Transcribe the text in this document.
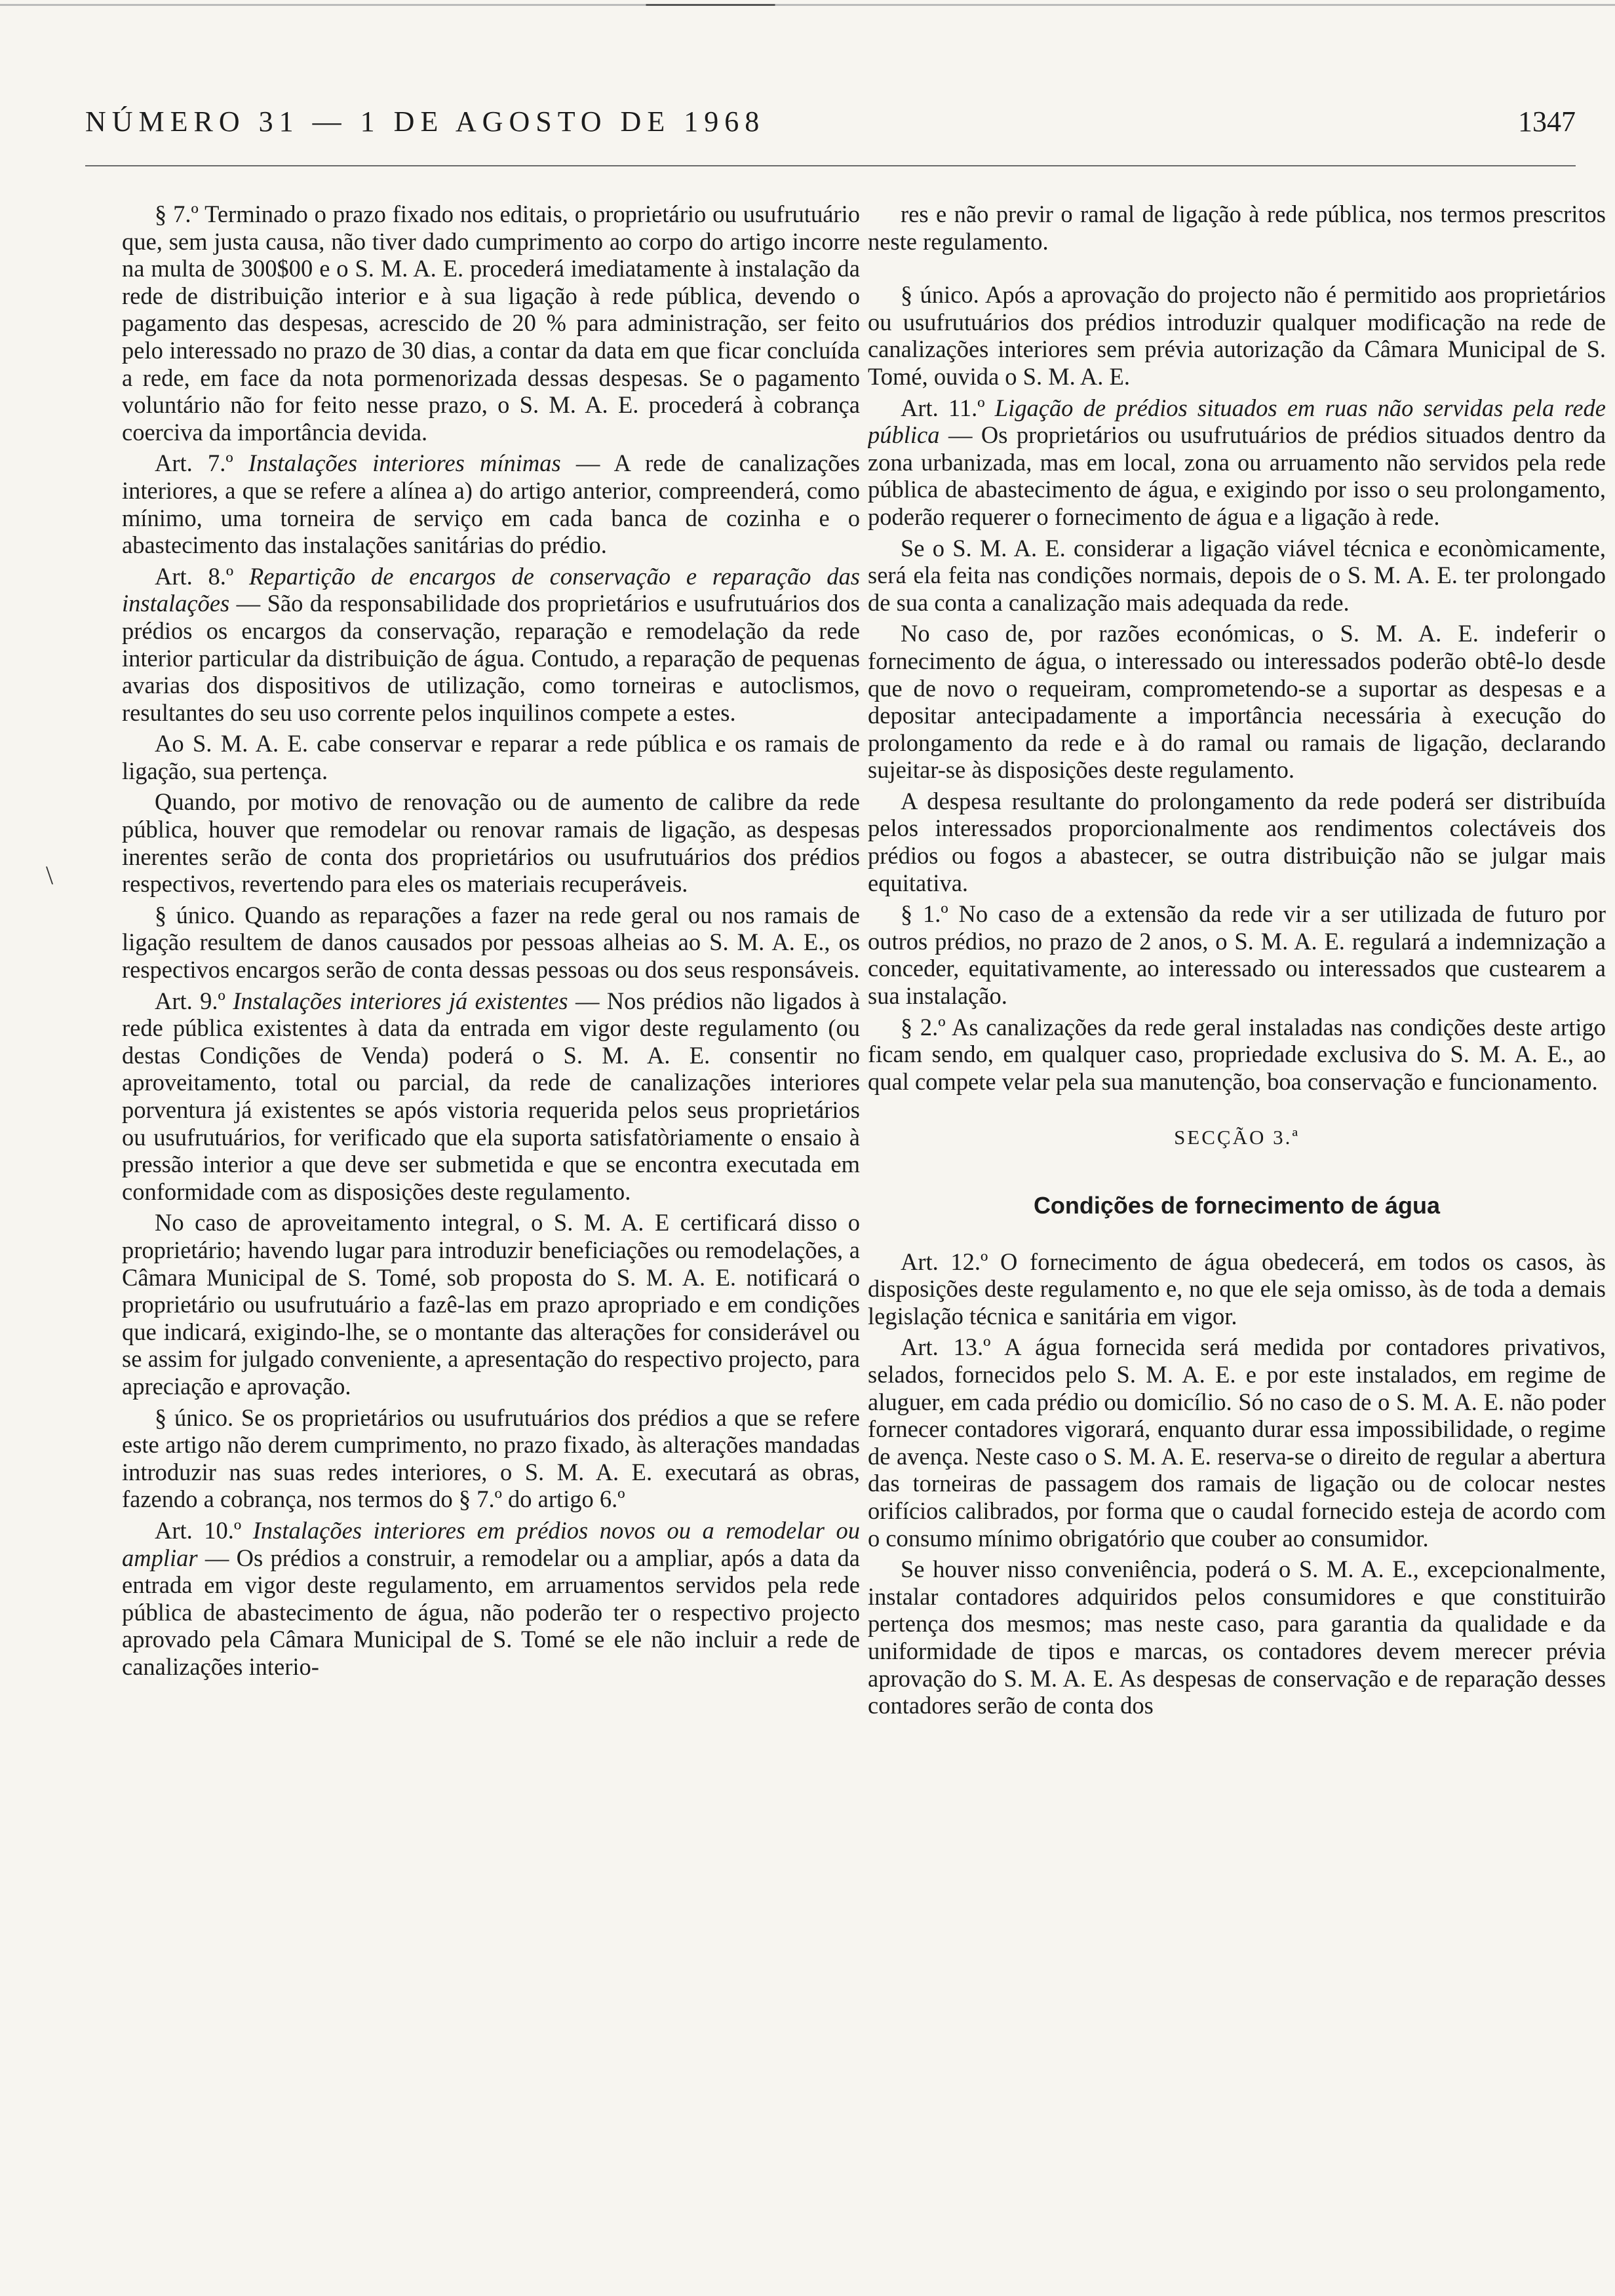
NÚMERO 31 — 1 DE AGOSTO DE 1968	1347
\

§ 7.º Terminado o prazo fixado nos editais, o proprietário ou usufrutuário que, sem justa causa, não tiver dado cumprimento ao corpo do artigo incorre na multa de 300$00 e o S. M. A. E. procederá imediatamente à instalação da rede de distribuição interior e à sua ligação à rede pública, devendo o pagamento das despesas, acrescido de 20 % para administração, ser feito pelo interessado no prazo de 30 dias, a contar da data em que ficar concluída a rede, em face da nota pormenorizada dessas despesas. Se o pagamento voluntário não for feito nesse prazo, o S. M. A. E. procederá à cobrança coerciva da importância devida.

Art. 7.º Instalações interiores mínimas — A rede de canalizações interiores, a que se refere a alínea a) do artigo anterior, compreenderá, como mínimo, uma torneira de serviço em cada banca de cozinha e o abastecimento das instalações sanitárias do prédio.

Art. 8.º Repartição de encargos de conservação e reparação das instalações — São da responsabilidade dos proprietários e usufrutuários dos prédios os encargos da conservação, reparação e remodelação da rede interior particular da distribuição de água. Contudo, a reparação de pequenas avarias dos dispositivos de utilização, como torneiras e autoclismos, resultantes do seu uso corrente pelos inquilinos compete a estes.

Ao S. M. A. E. cabe conservar e reparar a rede pública e os ramais de ligação, sua pertença.

Quando, por motivo de renovação ou de aumento de calibre da rede pública, houver que remodelar ou renovar ramais de ligação, as despesas inerentes serão de conta dos proprietários ou usufrutuários dos prédios respectivos, revertendo para eles os materiais recuperáveis.

§ único. Quando as reparações a fazer na rede geral ou nos ramais de ligação resultem de danos causados por pessoas alheias ao S. M. A. E., os respectivos encargos serão de conta dessas pessoas ou dos seus responsáveis.

Art. 9.º Instalações interiores já existentes — Nos prédios não ligados à rede pública existentes à data da entrada em vigor deste regulamento (ou destas Condições de Venda) poderá o S. M. A. E. consentir no aproveitamento, total ou parcial, da rede de canalizações interiores porventura já existentes se após vistoria requerida pelos seus proprietários ou usufrutuários, for verificado que ela suporta satisfatòriamente o ensaio à pressão interior a que deve ser submetida e que se encontra executada em conformidade com as disposições deste regulamento.

No caso de aproveitamento integral, o S. M. A. E certificará disso o proprietário; havendo lugar para introduzir beneficiações ou remodelações, a Câmara Municipal de S. Tomé, sob proposta do S. M. A. E. notificará o proprietário ou usufrutuário a fazê-las em prazo apropriado e em condições que indicará, exigindo-lhe, se o montante das alterações for considerável ou se assim for julgado conveniente, a apresentação do respectivo projecto, para apreciação e aprovação.

§ único. Se os proprietários ou usufrutuários dos prédios a que se refere este artigo não derem cumprimento, no prazo fixado, às alterações mandadas introduzir nas suas redes interiores, o S. M. A. E. executará as obras, fazendo a cobrança, nos termos do § 7.º do artigo 6.º

Art. 10.º Instalações interiores em prédios novos ou a remodelar ou ampliar — Os prédios a construir, a remodelar ou a ampliar, após a data da entrada em vigor deste regulamento, em arruamentos servidos pela rede pública de abastecimento de água, não poderão ter o respectivo projecto aprovado pela Câmara Municipal de S. Tomé se ele não incluir a rede de canalizações interio-

res e não previr o ramal de ligação à rede pública, nos termos prescritos neste regulamento.

§ único. Após a aprovação do projecto não é permitido aos proprietários ou usufrutuários dos prédios introduzir qualquer modificação na rede de canalizações interiores sem prévia autorização da Câmara Municipal de S. Tomé, ouvida o S. M. A. E.

Art. 11.º Ligação de prédios situados em ruas não servidas pela rede pública — Os proprietários ou usufrutuários de prédios situados dentro da zona urbanizada, mas em local, zona ou arruamento não servidos pela rede pública de abastecimento de água, e exigindo por isso o seu prolongamento, poderão requerer o fornecimento de água e a ligação à rede.

Se o S. M. A. E. considerar a ligação viável técnica e econòmicamente, será ela feita nas condições normais, depois de o S. M. A. E. ter prolongado de sua conta a canalização mais adequada da rede.

No caso de, por razões económicas, o S. M. A. E. indeferir o fornecimento de água, o interessado ou interessados poderão obtê-lo desde que de novo o requeiram, comprometendo-se a suportar as despesas e a depositar antecipadamente a importância necessária à execução do prolongamento da rede e à do ramal ou ramais de ligação, declarando sujeitar-se às disposições deste regulamento.

A despesa resultante do prolongamento da rede poderá ser distribuída pelos interessados proporcionalmente aos rendimentos colectáveis dos prédios ou fogos a abastecer, se outra distribuição não se julgar mais equitativa.

§ 1.º No caso de a extensão da rede vir a ser utilizada de futuro por outros prédios, no prazo de 2 anos, o S. M. A. E. regulará a indemnização a conceder, equitativamente, ao interessado ou interessados que custearem a sua instalação.

§ 2.º As canalizações da rede geral instaladas nas condições deste artigo ficam sendo, em qualquer caso, propriedade exclusiva do S. M. A. E., ao qual compete velar pela sua manutenção, boa conservação e funcionamento.

SECÇÃO 3.ª

Condições de fornecimento de água

Art. 12.º O fornecimento de água obedecerá, em todos os casos, às disposições deste regulamento e, no que ele seja omisso, às de toda a demais legislação técnica e sanitária em vigor.

Art. 13.º A água fornecida será medida por contadores privativos, selados, fornecidos pelo S. M. A. E. e por este instalados, em regime de aluguer, em cada prédio ou domicílio. Só no caso de o S. M. A. E. não poder fornecer contadores vigorará, enquanto durar essa impossibilidade, o regime de avença. Neste caso o S. M. A. E. reserva-se o direito de regular a abertura das torneiras de passagem dos ramais de ligação ou de colocar nestes orifícios calibrados, por forma que o caudal fornecido esteja de acordo com o consumo mínimo obrigatório que couber ao consumidor.

Se houver nisso conveniência, poderá o S. M. A. E., excepcionalmente, instalar contadores adquiridos pelos consumidores e que constituirão pertença dos mesmos; mas neste caso, para garantia da qualidade e da uniformidade de tipos e marcas, os contadores devem merecer prévia aprovação do S. M. A. E. As despesas de conservação e de reparação desses contadores serão de conta dos
